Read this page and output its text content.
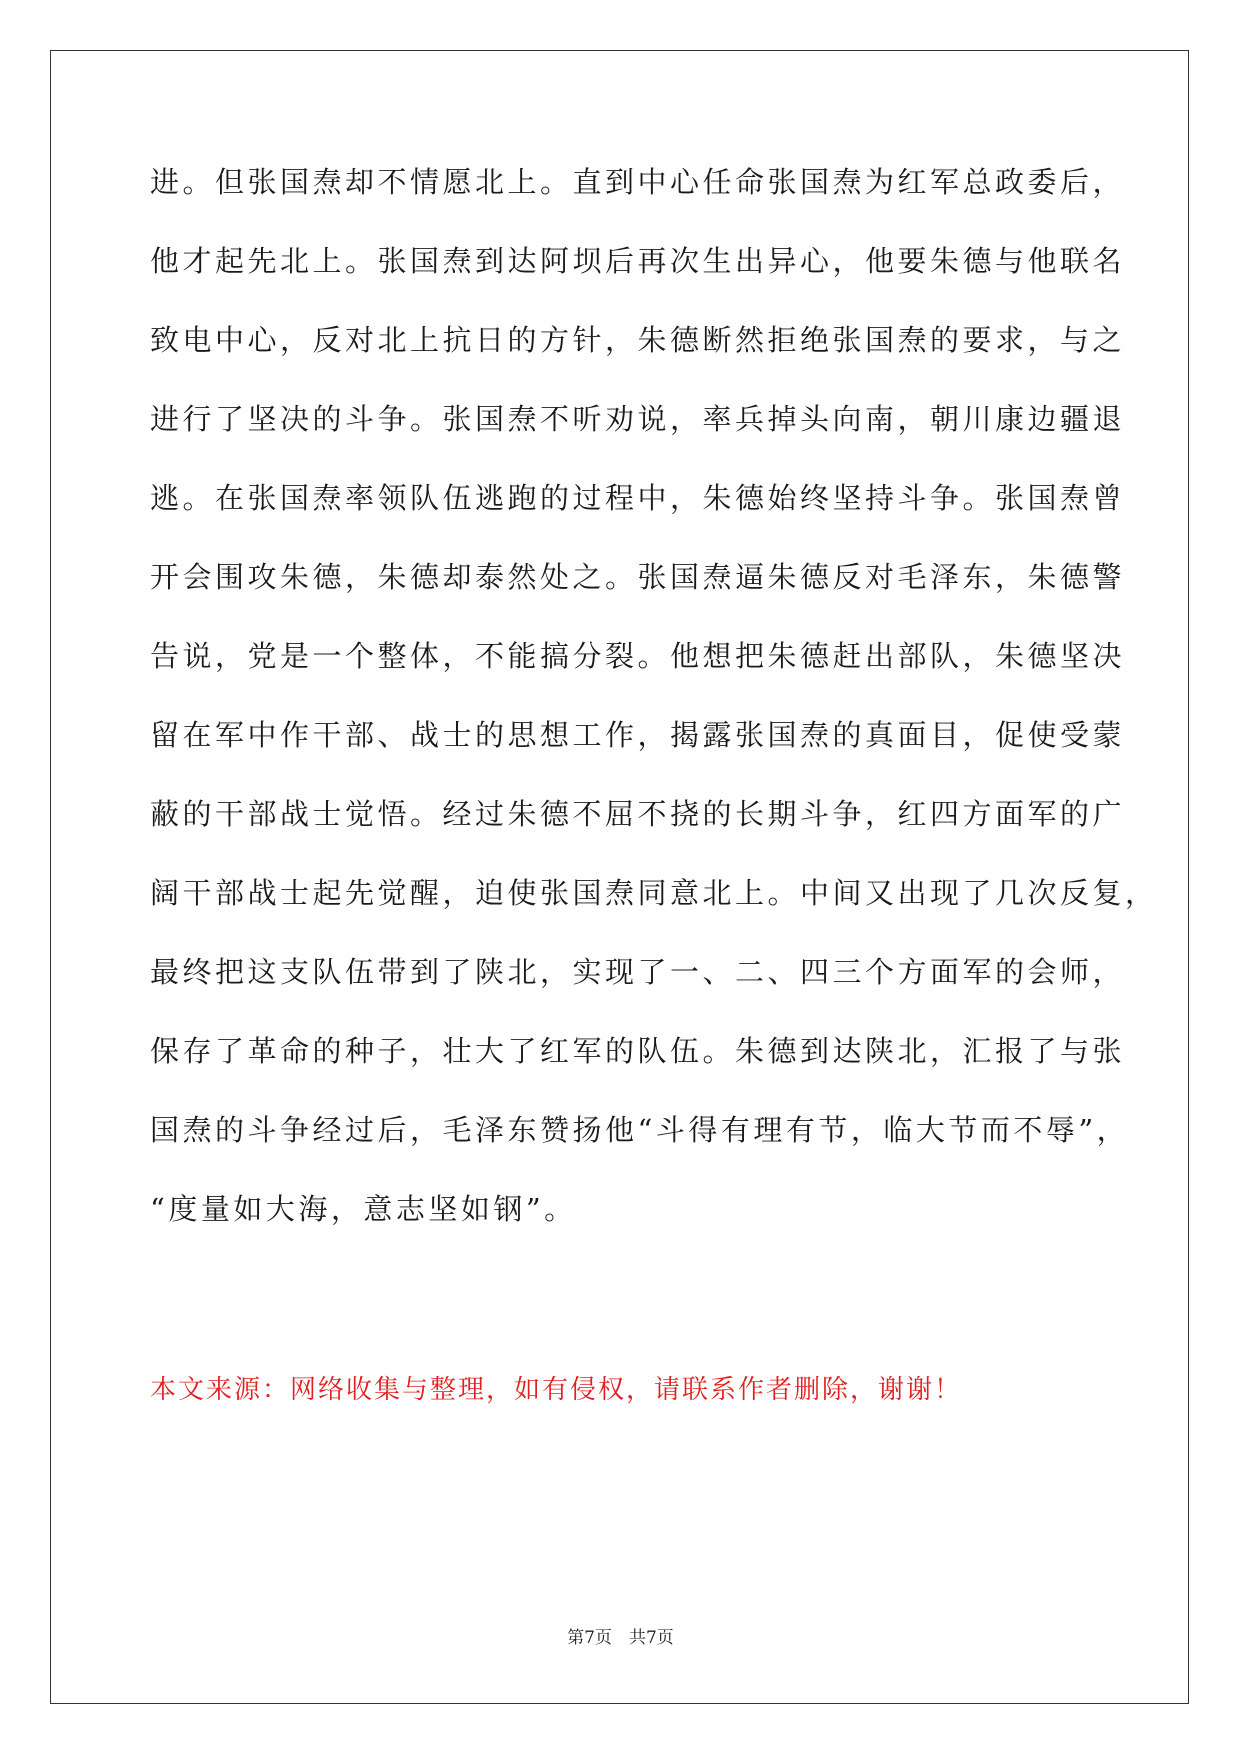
进。但张国焘却不情愿北上。直到中心任命张国焘为红军总政委后，
他才起先北上。张国焘到达阿坝后再次生出异心，他要朱德与他联名
致电中心，反对北上抗日的方针，朱德断然拒绝张国焘的要求，与之
进行了坚决的斗争。张国焘不听劝说，率兵掉头向南，朝川康边疆退
逃。在张国焘率领队伍逃跑的过程中，朱德始终坚持斗争。张国焘曾
开会围攻朱德，朱德却泰然处之。张国焘逼朱德反对毛泽东，朱德警
告说，党是一个整体，不能搞分裂。他想把朱德赶出部队，朱德坚决
留在军中作干部、战士的思想工作，揭露张国焘的真面目，促使受蒙
蔽的干部战士觉悟。经过朱德不屈不挠的长期斗争，红四方面军的广
阔干部战士起先觉醒，迫使张国焘同意北上。中间又出现了几次反复，
最终把这支队伍带到了陕北，实现了一、二、四三个方面军的会师，
保存了革命的种子，壮大了红军的队伍。朱德到达陕北，汇报了与张
国焘的斗争经过后，毛泽东赞扬他“斗得有理有节，临大节而不辱”，
“度量如大海，意志坚如钢”。

本文来源：网络收集与整理，如有侵权，请联系作者删除，谢谢！

第7页　共7页
